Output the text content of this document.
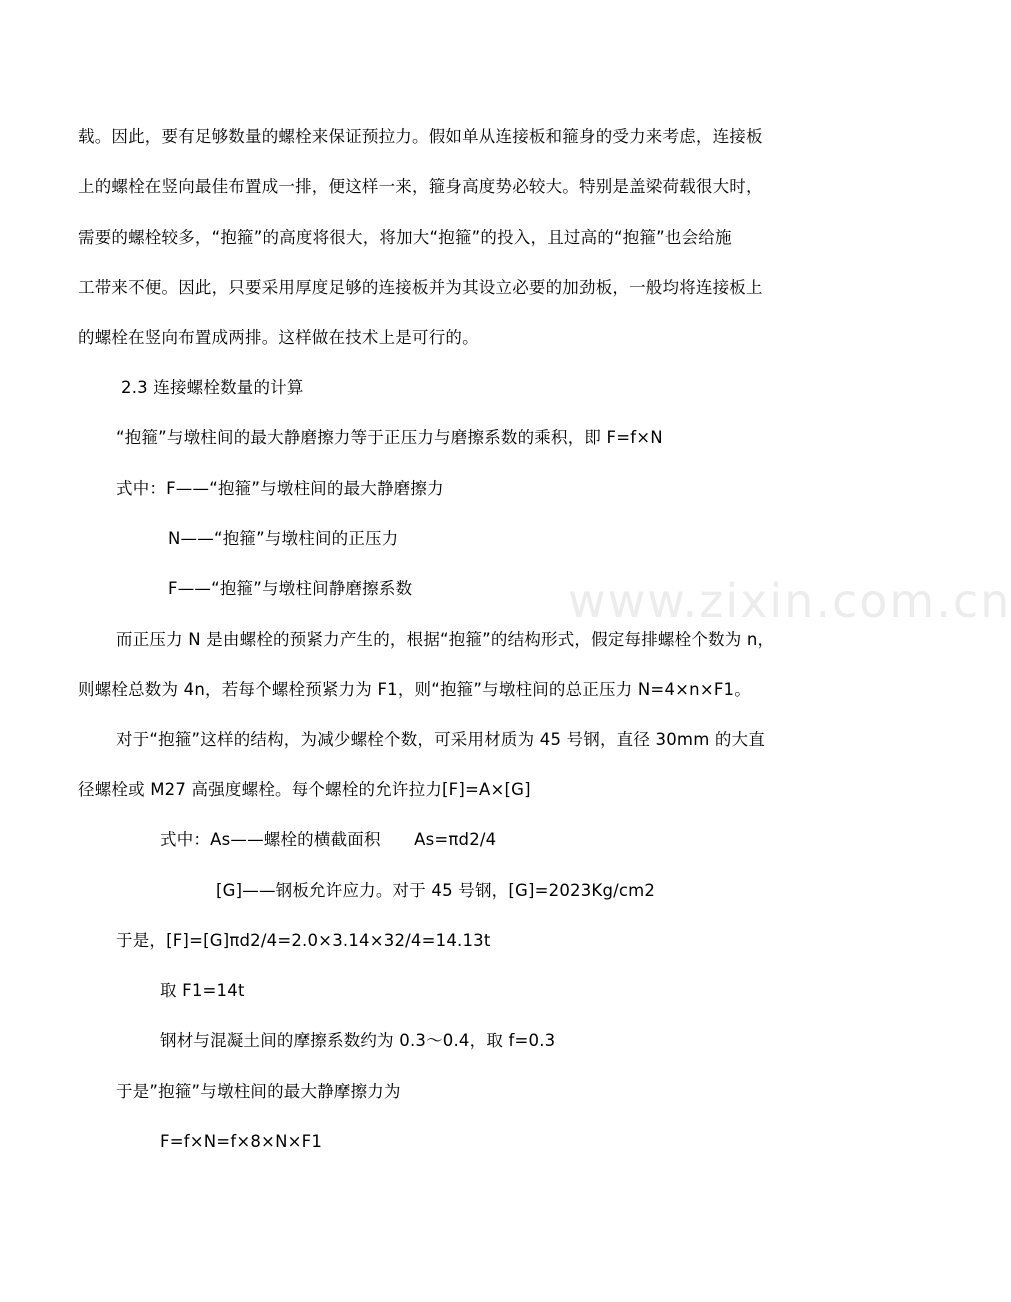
www.zixin.com.cn
载。因此，要有足够数量的螺栓来保证预拉力。假如单从连接板和箍身的受力来考虑，连接板
上的螺栓在竖向最佳布置成一排，便这样一来，箍身高度势必较大。特别是盖梁荷载很大时，
需要的螺栓较多，“抱箍”的高度将很大，将加大“抱箍”的投入，且过高的“抱箍”也会给施
工带来不便。因此，只要采用厚度足够的连接板并为其设立必要的加劲板，一般均将连接板上
的螺栓在竖向布置成两排。这样做在技术上是可行的。
2.3 连接螺栓数量的计算
“抱箍”与墩柱间的最大静磨擦力等于正压力与磨擦系数的乘积，即 F=f×N
式中：F——“抱箍”与墩柱间的最大静磨擦力
N——“抱箍”与墩柱间的正压力
F——“抱箍”与墩柱间静磨擦系数
而正压力 N 是由螺栓的预紧力产生的，根据“抱箍”的结构形式，假定每排螺栓个数为 n，
则螺栓总数为 4n，若每个螺栓预紧力为 F1，则“抱箍”与墩柱间的总正压力 N=4×n×F1。
对于“抱箍”这样的结构，为减少螺栓个数，可采用材质为 45 号钢，直径 30mm 的大直
径螺栓或 M27 高强度螺栓。每个螺栓的允许拉力[F]=A×[G]
式中：As——螺栓的横截面积　　As=πd2/4
[G]——钢板允许应力。对于 45 号钢，[G]=2023Kg/cm2
于是，[F]=[G]πd2/4=2.0×3.14×32/4=14.13t
取 F1=14t
钢材与混凝土间的摩擦系数约为 0.3～0.4，取 f=0.3
于是”抱箍”与墩柱间的最大静摩擦力为
F=f×N=f×8×N×F1
